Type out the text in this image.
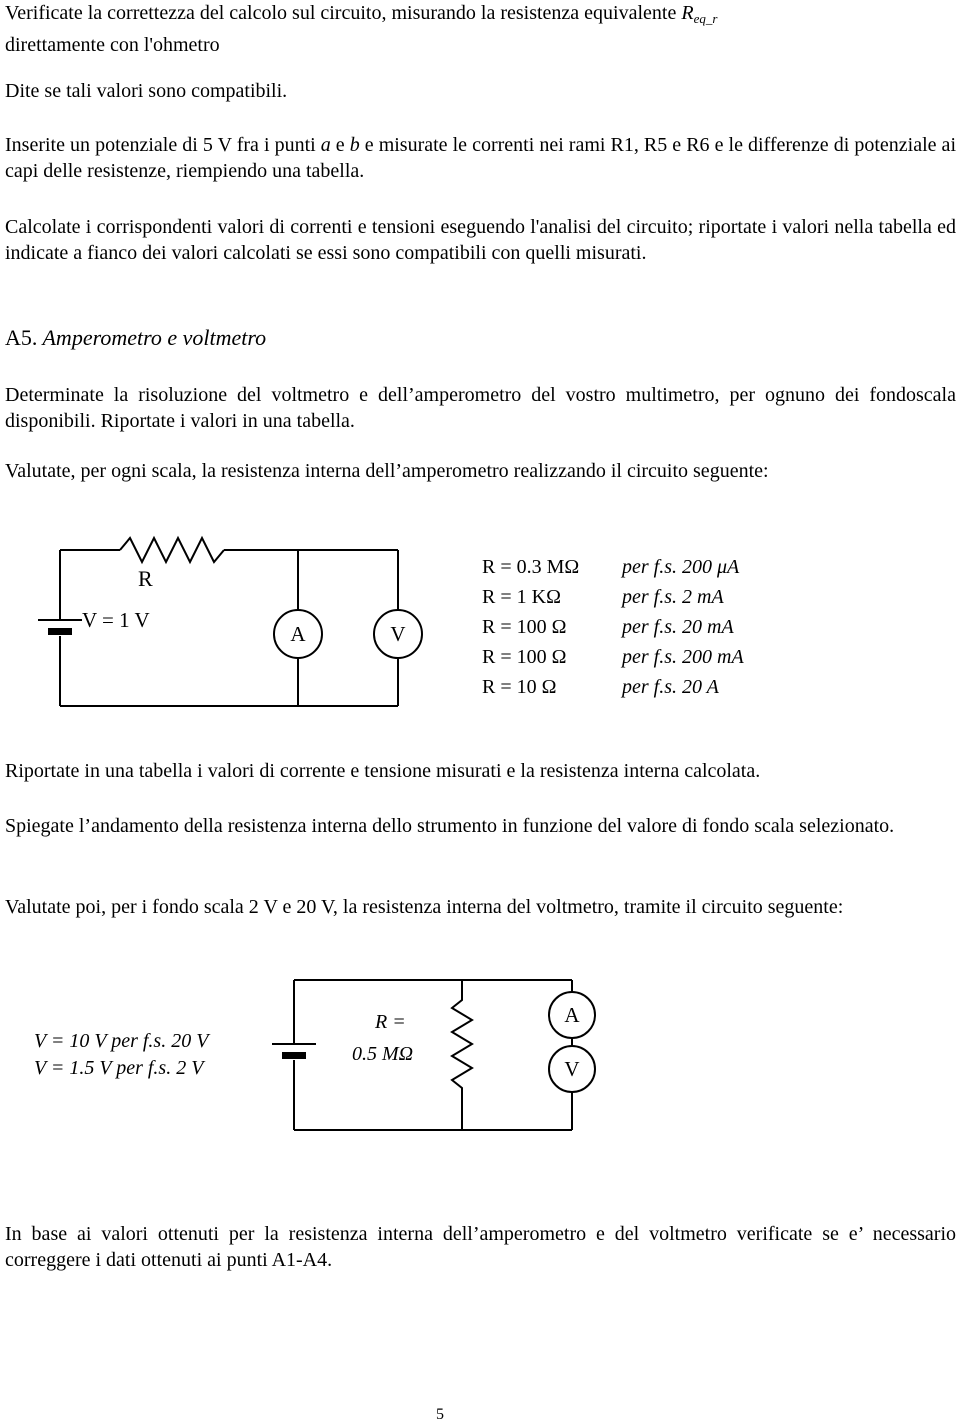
Verificate la correttezza del calcolo sul circuito, misurando la resistenza equivalente $R_{eq\_r}$
direttamente con l'ohmetro

Dite se tali valori sono compatibili.

Inserite un potenziale di 5 V fra i punti a e b e misurate le correnti nei rami R1, R5 e R6 e le differenze di potenziale ai capi delle resistenze, riempiendo una tabella.

Calcolate i corrispondenti valori di correnti e tensioni eseguendo l'analisi del circuito; riportate i valori nella tabella ed indicate a fianco dei valori calcolati se essi sono compatibili con quelli misurati.

A5. Amperometro e voltmetro

Determinate la risoluzione del voltmetro e dell’amperometro del vostro multimetro, per ognuno dei fondoscala disponibili. Riportate i valori in una tabella.

Valutate, per ogni scala, la resistenza interna dell’amperometro realizzando il circuito seguente:

R
V = 1 V
A	V
R = 0.3 MΩ per f.s. 200 μA
R = 1 KΩ	per f.s. 2 mA
R = 100 Ω	per f.s. 20 mA
R = 100 Ω	per f.s. 200 mA
R = 10 Ω	per f.s. 20 A

Riportate in una tabella i valori di corrente e tensione misurati e la resistenza interna calcolata.

Spiegate l’andamento della resistenza interna dello strumento in funzione del valore di fondo scala selezionato.

Valutate poi, per i fondo scala 2 V e 20 V, la resistenza interna del voltmetro, tramite il circuito seguente:

A
V
R =
0.5 MΩ
V = 10 V per f.s. 20 V
V = 1.5 V per f.s. 2 V

In base ai valori ottenuti per la resistenza interna dell’amperometro e del voltmetro verificate se e’ necessario correggere i dati ottenuti ai punti A1-A4.

5
